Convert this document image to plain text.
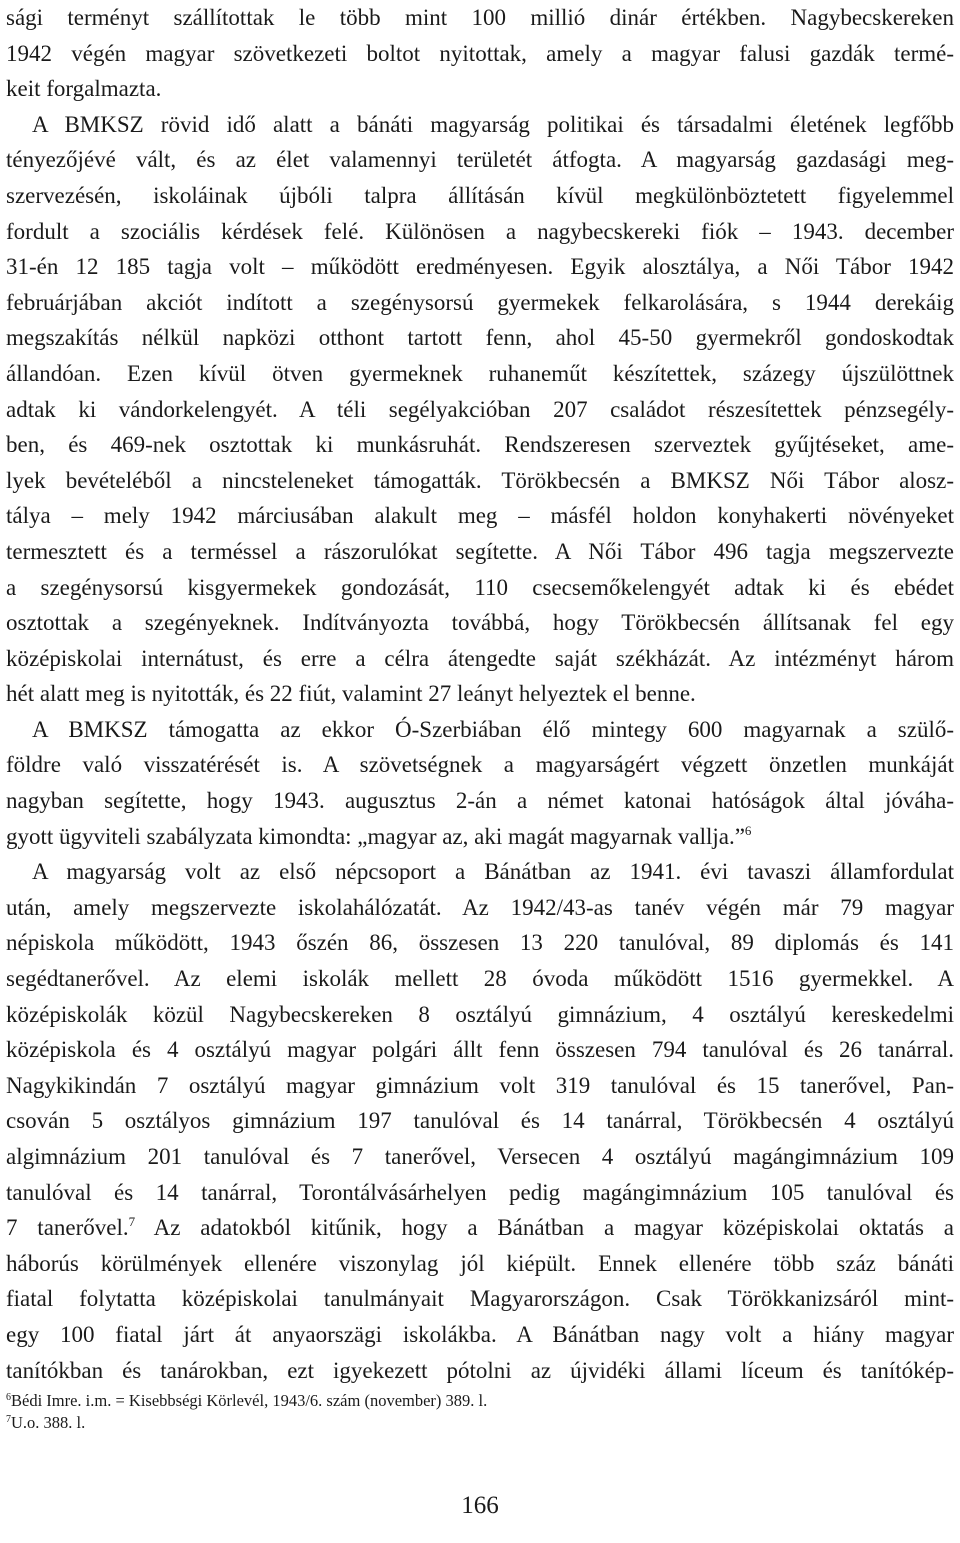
sági terményt szállítottak le több mint 100 millió dinár értékben. Nagybecskereken
1942 végén magyar szövetkezeti boltot nyitottak, amely a magyar falusi gazdák termé-
keit forgalmazta.
A BMKSZ rövid idő alatt a bánáti magyarság politikai és társadalmi életének legfőbb
tényezőjévé vált, és az élet valamennyi területét átfogta. A magyarság gazdasági meg-
szervezésén, iskoláinak újbóli talpra állításán kívül megkülönböztetett figyelemmel
fordult a szociális kérdések felé. Különösen a nagybecskereki fiók – 1943. december
31-én 12 185 tagja volt – működött eredményesen. Egyik alosztálya, a Női Tábor 1942
februárjában akciót indított a szegénysorsú gyermekek felkarolására, s 1944 derekáig
megszakítás nélkül napközi otthont tartott fenn, ahol 45-50 gyermekről gondoskodtak
állandóan. Ezen kívül ötven gyermeknek ruhaneműt készítettek, százegy újszülöttnek
adtak ki vándorkelengyét. A téli segélyakcióban 207 családot részesítettek pénzsegély-
ben, és 469-nek osztottak ki munkásruhát. Rendszeresen szerveztek gyűjtéseket, ame-
lyek bevételéből a nincsteleneket támogatták. Törökbecsén a BMKSZ Női Tábor alosz-
tálya – mely 1942 márciusában alakult meg – másfél holdon konyhakerti növényeket
termesztett és a terméssel a rászorulókat segítette. A Női Tábor 496 tagja megszervezte
a szegénysorsú kisgyermekek gondozását, 110 csecsemőkelengyét adtak ki és ebédet
osztottak a szegényeknek. Indítványozta továbbá, hogy Törökbecsén állítsanak fel egy
középiskolai internátust, és erre a célra átengedte saját székházát. Az intézményt három
hét alatt meg is nyitották, és 22 fiút, valamint 27 leányt helyeztek el benne.
A BMKSZ támogatta az ekkor Ó-Szerbiában élő mintegy 600 magyarnak a szülő-
földre való visszatérését is. A szövetségnek a magyarságért végzett önzetlen munkáját
nagyban segítette, hogy 1943. augusztus 2-án a német katonai hatóságok által jóváha-
gyott ügyviteli szabályzata kimondta: „magyar az, aki magát magyarnak vallja.”$^6$
A magyarság volt az első népcsoport a Bánátban az 1941. évi tavaszi államfordulat
után, amely megszervezte iskolahálózatát. Az 1942/43-as tanév végén már 79 magyar
népiskola működött, 1943 őszén 86, összesen 13 220 tanulóval, 89 diplomás és 141
segédtanerővel. Az elemi iskolák mellett 28 óvoda működött 1516 gyermekkel. A
középiskolák közül Nagybecskereken 8 osztályú gimnázium, 4 osztályú kereskedelmi
középiskola és 4 osztályú magyar polgári állt fenn összesen 794 tanulóval és 26 tanárral.
Nagykikindán 7 osztályú magyar gimnázium volt 319 tanulóval és 15 tanerővel, Pan-
csován 5 osztályos gimnázium 197 tanulóval és 14 tanárral, Törökbecsén 4 osztályú
algimnázium 201 tanulóval és 7 tanerővel, Versecen 4 osztályú magángimnázium 109
tanulóval és 14 tanárral, Torontálvásárhelyen pedig magángimnázium 105 tanulóval és
7 tanerővel.$^7$ Az adatokból kitűnik, hogy a Bánátban a magyar középiskolai oktatás a
háborús körülmények ellenére viszonylag jól kiépült. Ennek ellenére több száz bánáti
fiatal folytatta középiskolai tanulmányait Magyarországon. Csak Törökkanizsáról mint-
egy 100 fiatal járt át anyaorszägi iskolákba. A Bánátban nagy volt a hiány magyar
tanítókban és tanárokban, ezt igyekezett pótolni az újvidéki állami líceum és tanítókép-
$^6$Bédi Imre. i.m. = Kisebbségi Körlevél, 1943/6. szám (november) 389. l.
$^7$U.o. 388. l.
166
